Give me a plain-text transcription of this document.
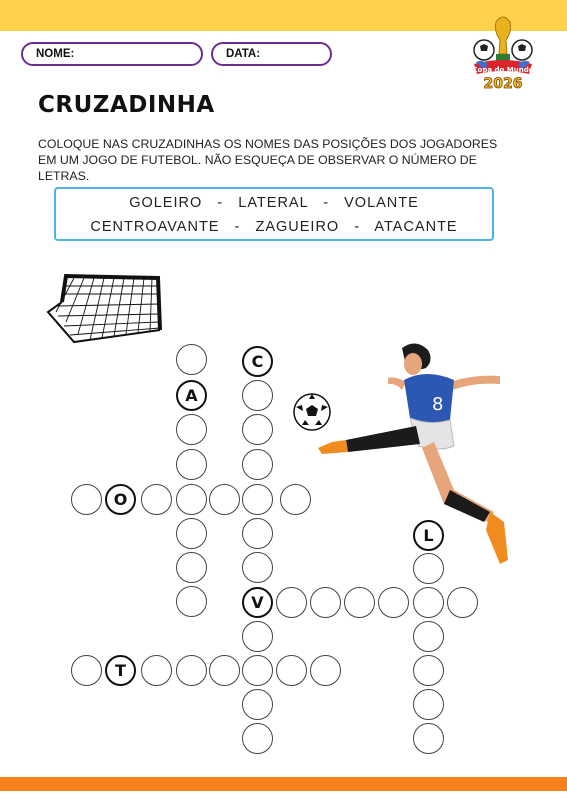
NOME:	DATA:
Copa do Mundo
2026
CRUZADINHA
COLOQUE NAS CRUZADINHAS OS NOMES DAS POSIÇÕES DOS JOGADORES EM UM JOGO DE FUTEBOL. NÃO ESQUEÇA DE OBSERVAR O NÚMERO DE LETRAS.
GOLEIRO   -   LATERAL   -   VOLANTE
CENTROAVANTE   -   ZAGUEIRO   -   ATACANTE
8
A
C
V
O
L
T
